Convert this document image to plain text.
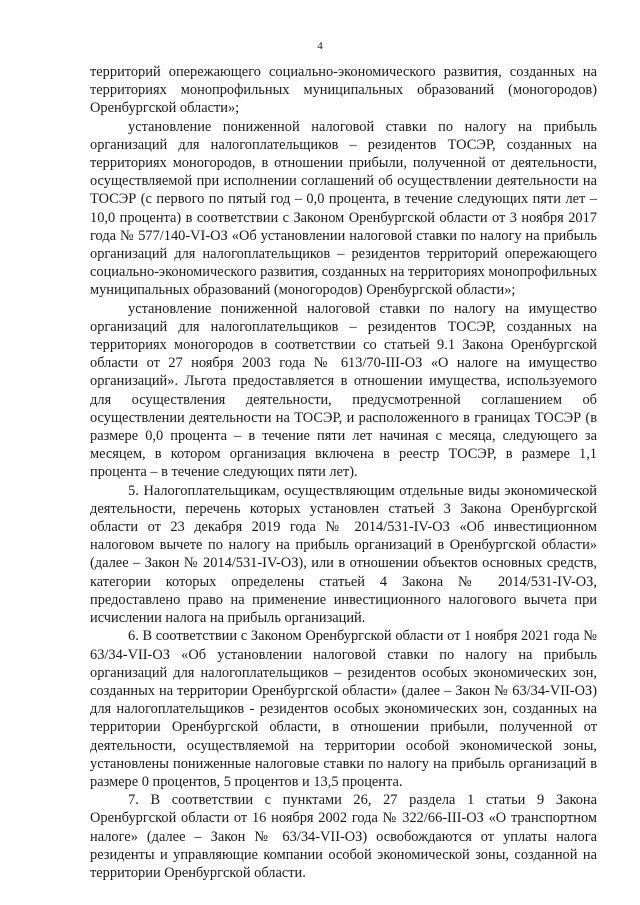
4

территорий опережающего социально-экономического развития, созданных на территориях монопрофильных муниципальных образований (моногородов) Оренбургской области»;

установление пониженной налоговой ставки по налогу на прибыль организаций для налогоплательщиков – резидентов ТОСЭР, созданных на территориях моногородов, в отношении прибыли, полученной от деятельности, осуществляемой при исполнении соглашений об осуществлении деятельности на ТОСЭР (с первого по пятый год – 0,0 процента, в течение следующих пяти лет – 10,0 процента) в соответствии с Законом Оренбургской области от 3 ноября 2017 года № 577/140-VI-ОЗ «Об установлении налоговой ставки по налогу на прибыль организаций для налогоплательщиков – резидентов территорий опережающего социально-экономического развития, созданных на территориях монопрофильных муниципальных образований (моногородов) Оренбургской области»;

установление пониженной налоговой ставки по налогу на имущество организаций для налогоплательщиков – резидентов ТОСЭР, созданных на территориях моногородов в соответствии со статьей 9.1 Закона Оренбургской области от 27 ноября 2003 года № 613/70-III-ОЗ «О налоге на имущество организаций». Льгота предоставляется в отношении имущества, используемого для осуществления деятельности, предусмотренной соглашением об осуществлении деятельности на ТОСЭР, и расположенного в границах ТОСЭР (в размере 0,0 процента – в течение пяти лет начиная с месяца, следующего за месяцем, в котором организация включена в реестр ТОСЭР, в размере 1,1 процента – в течение следующих пяти лет).

5. Налогоплательщикам, осуществляющим отдельные виды экономической деятельности, перечень которых установлен статьей 3 Закона Оренбургской области от 23 декабря 2019 года № 2014/531-IV-ОЗ «Об инвестиционном налоговом вычете по налогу на прибыль организаций в Оренбургской области» (далее – Закон № 2014/531-IV-ОЗ), или в отношении объектов основных средств, категории которых определены статьей 4 Закона № 2014/531-IV-ОЗ, предоставлено право на применение инвестиционного налогового вычета при исчислении налога на прибыль организаций.

6. В соответствии с Законом Оренбургской области от 1 ноября 2021 года № 63/34-VII-ОЗ «Об установлении налоговой ставки по налогу на прибыль организаций для налогоплательщиков – резидентов особых экономических зон, созданных на территории Оренбургской области» (далее – Закон № 63/34-VII-ОЗ) для налогоплательщиков - резидентов особых экономических зон, созданных на территории Оренбургской области, в отношении прибыли, полученной от деятельности, осуществляемой на территории особой экономической зоны, установлены пониженные налоговые ставки по налогу на прибыль организаций в размере 0 процентов, 5 процентов и 13,5 процента.

7. В соответствии с пунктами 26, 27 раздела 1 статьи 9 Закона Оренбургской области от 16 ноября 2002 года № 322/66-III-ОЗ «О транспортном налоге» (далее – Закон № 63/34-VII-ОЗ) освобождаются от уплаты налога резиденты и управляющие компании особой экономической зоны, созданной на территории Оренбургской области.
